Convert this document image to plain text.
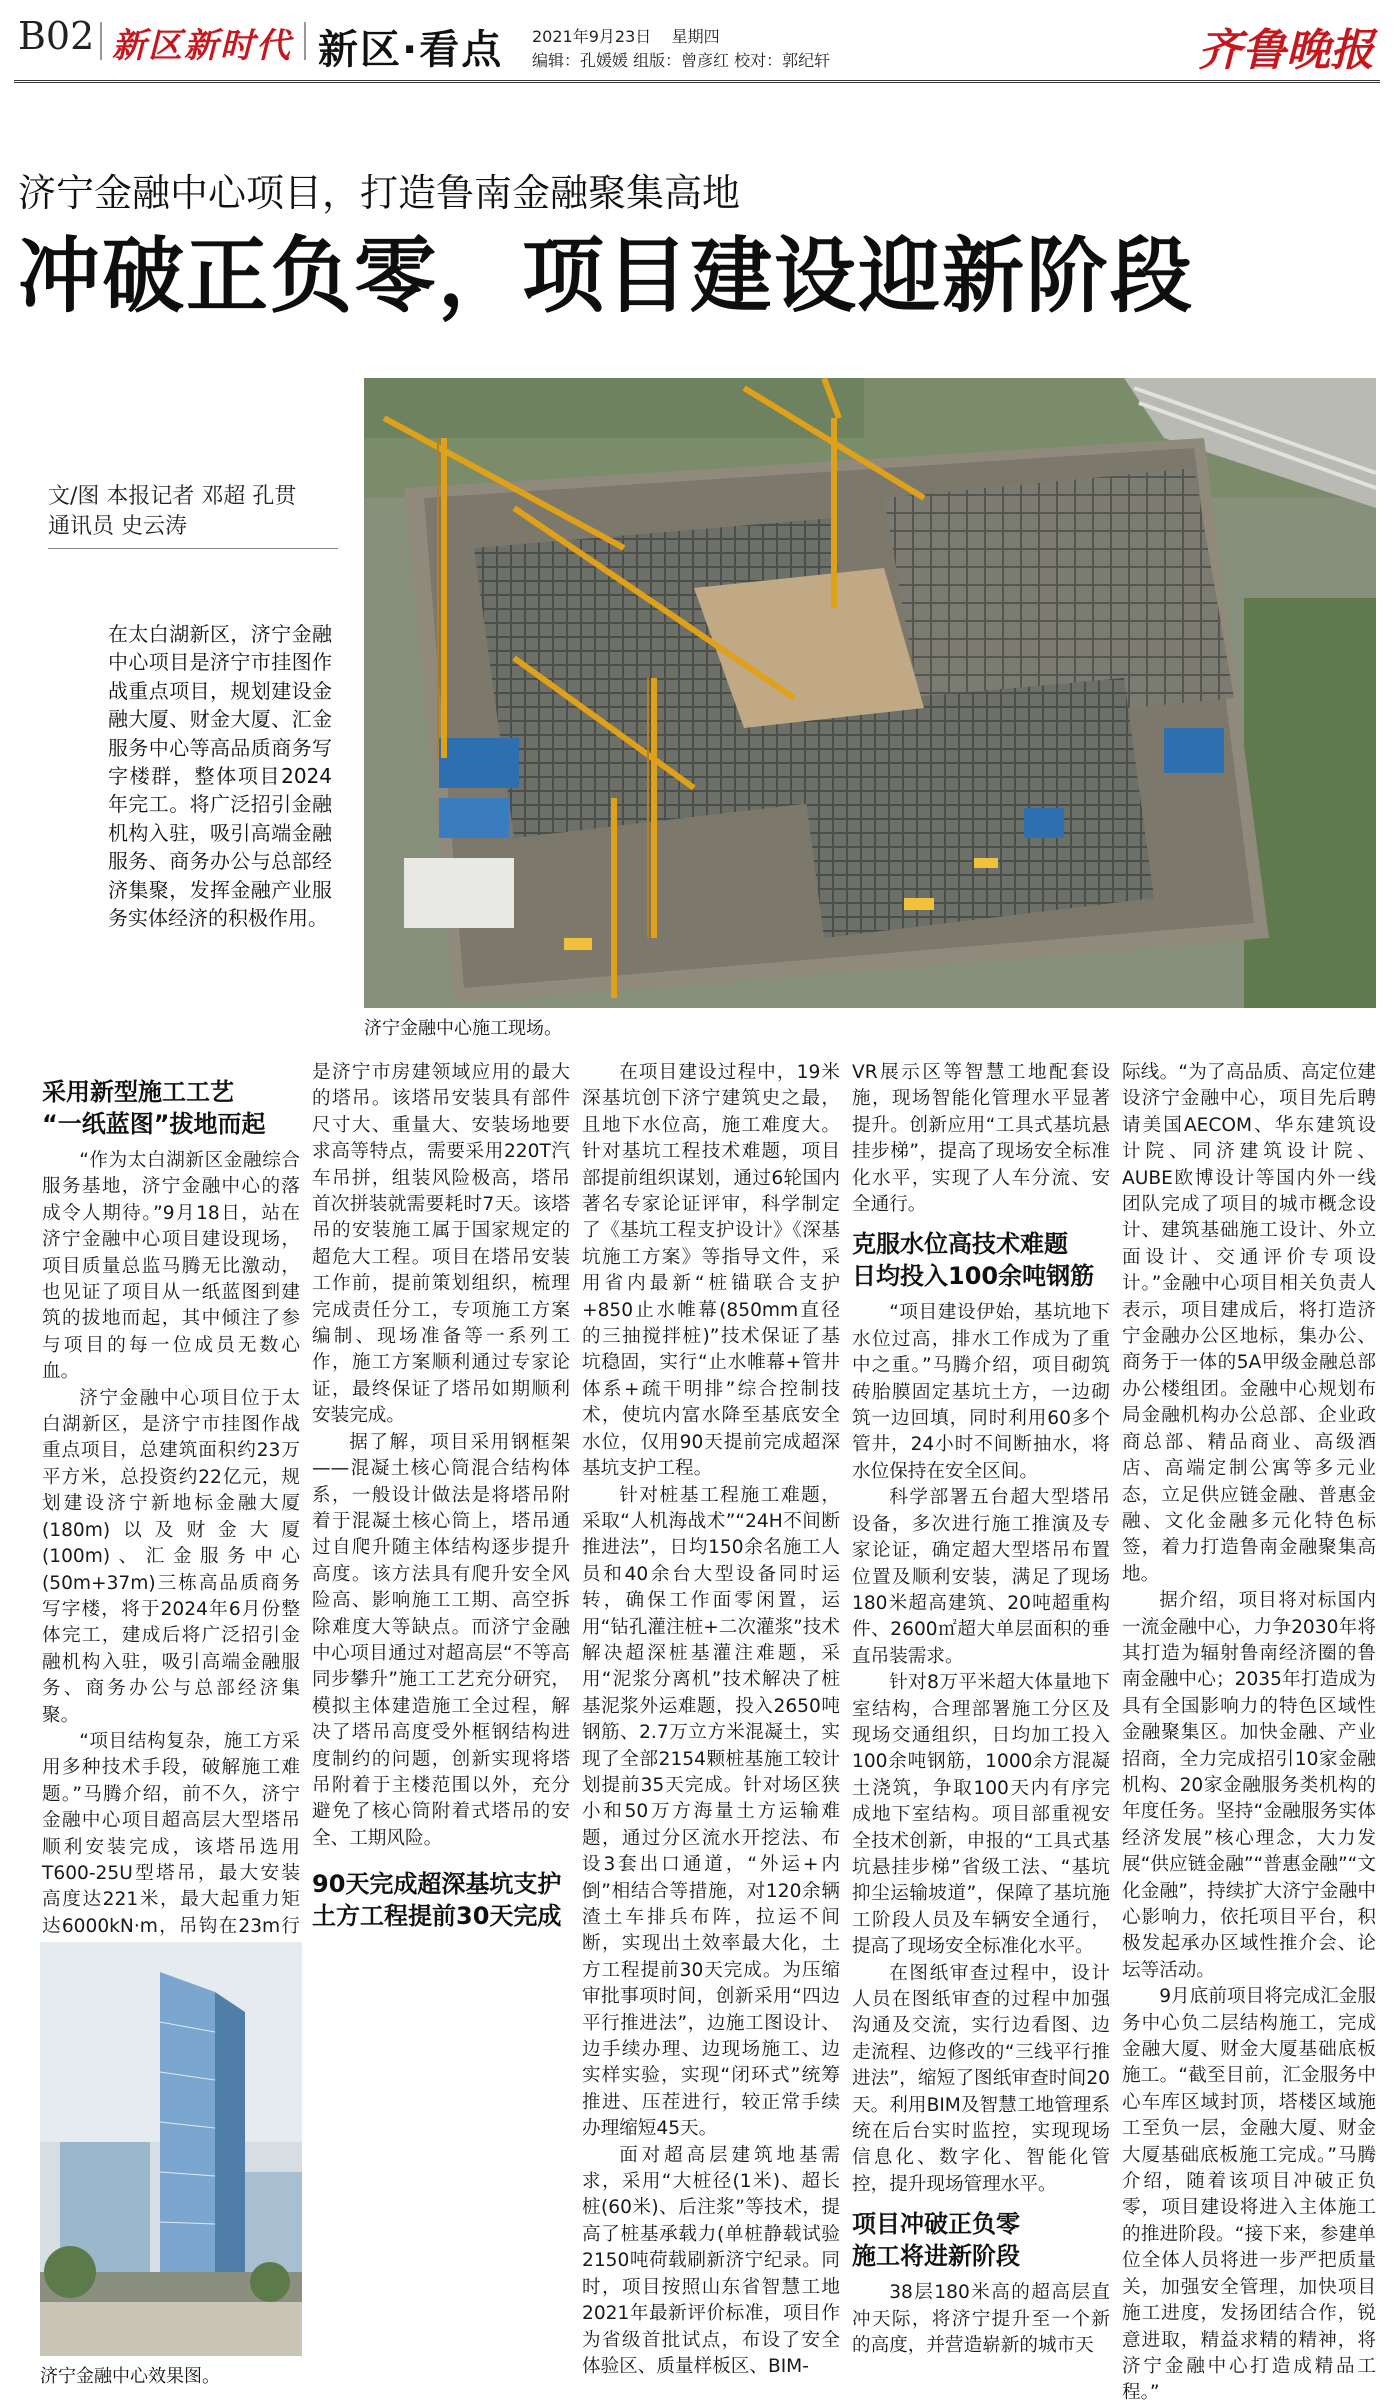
B02 新区新时代 新区·看点 2021年9月23日 星期四
编辑：孔媛媛 组版：曾彦红 校对：郭纪轩	齐鲁晚报
济宁金融中心项目，打造鲁南金融聚集高地
冲破正负零，项目建设迎新阶段
文/图 本报记者 邓超 孔贯
通讯员 史云涛
在太白湖新区，济宁金融中心项目是济宁市挂图作战重点项目，规划建设金融大厦、财金大厦、汇金服务中心等高品质商务写字楼群，整体项目2024年完工。将广泛招引金融机构入驻，吸引高端金融服务、商务办公与总部经济集聚，发挥金融产业服务实体经济的积极作用。
济宁金融中心施工现场。

采用新型施工工艺
“一纸蓝图”拔地而起

“作为太白湖新区金融综合服务基地，济宁金融中心的落成令人期待。”9月18日，站在济宁金融中心项目建设现场，项目质量总监马腾无比激动，也见证了项目从一纸蓝图到建筑的拔地而起，其中倾注了参与项目的每一位成员无数心血。

济宁金融中心项目位于太白湖新区，是济宁市挂图作战重点项目，总建筑面积约23万平方米，总投资约22亿元，规划建设济宁新地标金融大厦(180m)以及财金大厦(100m)、汇金服务中心(50m+37m)三栋高品质商务写字楼，将于2024年6月份整体完工，建成后将广泛招引金融机构入驻，吸引高端金融服务、商务办公与总部经济集聚。

“项目结构复杂，施工方采用多种技术手段，破解施工难题。”马腾介绍，前不久，济宁金融中心项目超高层大型塔吊顺利安装完成，该塔吊选用T600-25U型塔吊，最大安装高度达221米，最大起重力矩达6000kN·m，吊钩在23m行

济宁金融中心效果图。

是济宁市房建领域应用的最大的塔吊。该塔吊安装具有部件尺寸大、重量大、安装场地要求高等特点，需要采用220T汽车吊拼，组装风险极高，塔吊首次拼装就需要耗时7天。该塔吊的安装施工属于国家规定的超危大工程。项目在塔吊安装工作前，提前策划组织，梳理完成责任分工，专项施工方案编制、现场准备等一系列工作，施工方案顺利通过专家论证，最终保证了塔吊如期顺利安装完成。

据了解，项目采用钢框架——混凝土核心筒混合结构体系，一般设计做法是将塔吊附着于混凝土核心筒上，塔吊通过自爬升随主体结构逐步提升高度。该方法具有爬升安全风险高、影响施工工期、高空拆除难度大等缺点。而济宁金融中心项目通过对超高层“不等高同步攀升”施工工艺充分研究，模拟主体建造施工全过程，解决了塔吊高度受外框钢结构进度制约的问题，创新实现将塔吊附着于主楼范围以外，充分避免了核心筒附着式塔吊的安全、工期风险。

90天完成超深基坑支护
土方工程提前30天完成

在项目建设过程中，19米深基坑创下济宁建筑史之最，且地下水位高，施工难度大。针对基坑工程技术难题，项目部提前组织谋划，通过6轮国内著名专家论证评审，科学制定了《基坑工程支护设计》《深基坑施工方案》等指导文件，采用省内最新“桩锚联合支护+850止水帷幕(850mm直径的三抽搅拌桩)”技术保证了基坑稳固，实行“止水帷幕+管井体系+疏干明排”综合控制技术，使坑内富水降至基底安全水位，仅用90天提前完成超深基坑支护工程。

针对桩基工程施工难题，采取“人机海战术”“24H不间断推进法”，日均150余名施工人员和40余台大型设备同时运转，确保工作面零闲置，运用“钻孔灌注桩+二次灌浆”技术解决超深桩基灌注难题，采用“泥浆分离机”技术解决了桩基泥浆外运难题，投入2650吨钢筋、2.7万立方米混凝土，实现了全部2154颗桩基施工较计划提前35天完成。针对场区狭小和50万方海量土方运输难题，通过分区流水开挖法、布设3套出口通道，“外运+内倒”相结合等措施，对120余辆渣土车排兵布阵，拉运不间断，实现出土效率最大化，土方工程提前30天完成。为压缩审批事项时间，创新采用“四边平行推进法”，边施工图设计、边手续办理、边现场施工、边实样实验，实现“闭环式”统筹推进、压茬进行，较正常手续办理缩短45天。

面对超高层建筑地基需求，采用“大桩径(1米)、超长桩(60米)、后注浆”等技术，提高了桩基承载力(单桩静载试验2150吨荷载刷新济宁纪录。同时，项目按照山东省智慧工地2021年最新评价标准，项目作为省级首批试点，布设了安全体验区、质量样板区、BIM-

VR展示区等智慧工地配套设施，现场智能化管理水平显著提升。创新应用“工具式基坑悬挂步梯”，提高了现场安全标准化水平，实现了人车分流、安全通行。

克服水位高技术难题
日均投入100余吨钢筋

“项目建设伊始，基坑地下水位过高，排水工作成为了重中之重。”马腾介绍，项目砌筑砖胎膜固定基坑土方，一边砌筑一边回填，同时利用60多个管井，24小时不间断抽水，将水位保持在安全区间。

科学部署五台超大型塔吊设备，多次进行施工推演及专家论证，确定超大型塔吊布置位置及顺利安装，满足了现场180米超高建筑、20吨超重构件、2600㎡超大单层面积的垂直吊装需求。

针对8万平米超大体量地下室结构，合理部署施工分区及现场交通组织，日均加工投入100余吨钢筋，1000余方混凝土浇筑，争取100天内有序完成地下室结构。项目部重视安全技术创新，申报的“工具式基坑悬挂步梯”省级工法、“基坑抑尘运输坡道”，保障了基坑施工阶段人员及车辆安全通行，提高了现场安全标准化水平。

在图纸审查过程中，设计人员在图纸审查的过程中加强沟通及交流，实行边看图、边走流程、边修改的“三线平行推进法”，缩短了图纸审查时间20天。利用BIM及智慧工地管理系统在后台实时监控，实现现场信息化、数字化、智能化管控，提升现场管理水平。

项目冲破正负零
施工将进新阶段

38层180米高的超高层直冲天际，将济宁提升至一个新的高度，并营造崭新的城市天

际线。“为了高品质、高定位建设济宁金融中心，项目先后聘请美国AECOM、华东建筑设计院、同济建筑设计院、AUBE欧博设计等国内外一线团队完成了项目的城市概念设计、建筑基础施工设计、外立面设计、交通评价专项设计。”金融中心项目相关负责人表示，项目建成后，将打造济宁金融办公区地标，集办公、商务于一体的5A甲级金融总部办公楼组团。金融中心规划布局金融机构办公总部、企业政商总部、精品商业、高级酒店、高端定制公寓等多元业态，立足供应链金融、普惠金融、文化金融多元化特色标签，着力打造鲁南金融聚集高地。

据介绍，项目将对标国内一流金融中心，力争2030年将其打造为辐射鲁南经济圈的鲁南金融中心；2035年打造成为具有全国影响力的特色区域性金融聚集区。加快金融、产业招商，全力完成招引10家金融机构、20家金融服务类机构的年度任务。坚持“金融服务实体经济发展”核心理念，大力发展“供应链金融”“普惠金融”“文化金融”，持续扩大济宁金融中心影响力，依托项目平台，积极发起承办区域性推介会、论坛等活动。

9月底前项目将完成汇金服务中心负二层结构施工，完成金融大厦、财金大厦基础底板施工。“截至目前，汇金服务中心车库区域封顶，塔楼区域施工至负一层，金融大厦、财金大厦基础底板施工完成。”马腾介绍，随着该项目冲破正负零，项目建设将进入主体施工的推进阶段。“接下来，参建单位全体人员将进一步严把质量关，加强安全管理，加快项目施工进度，发扬团结合作，锐意进取，精益求精的精神，将济宁金融中心打造成精品工程。”
